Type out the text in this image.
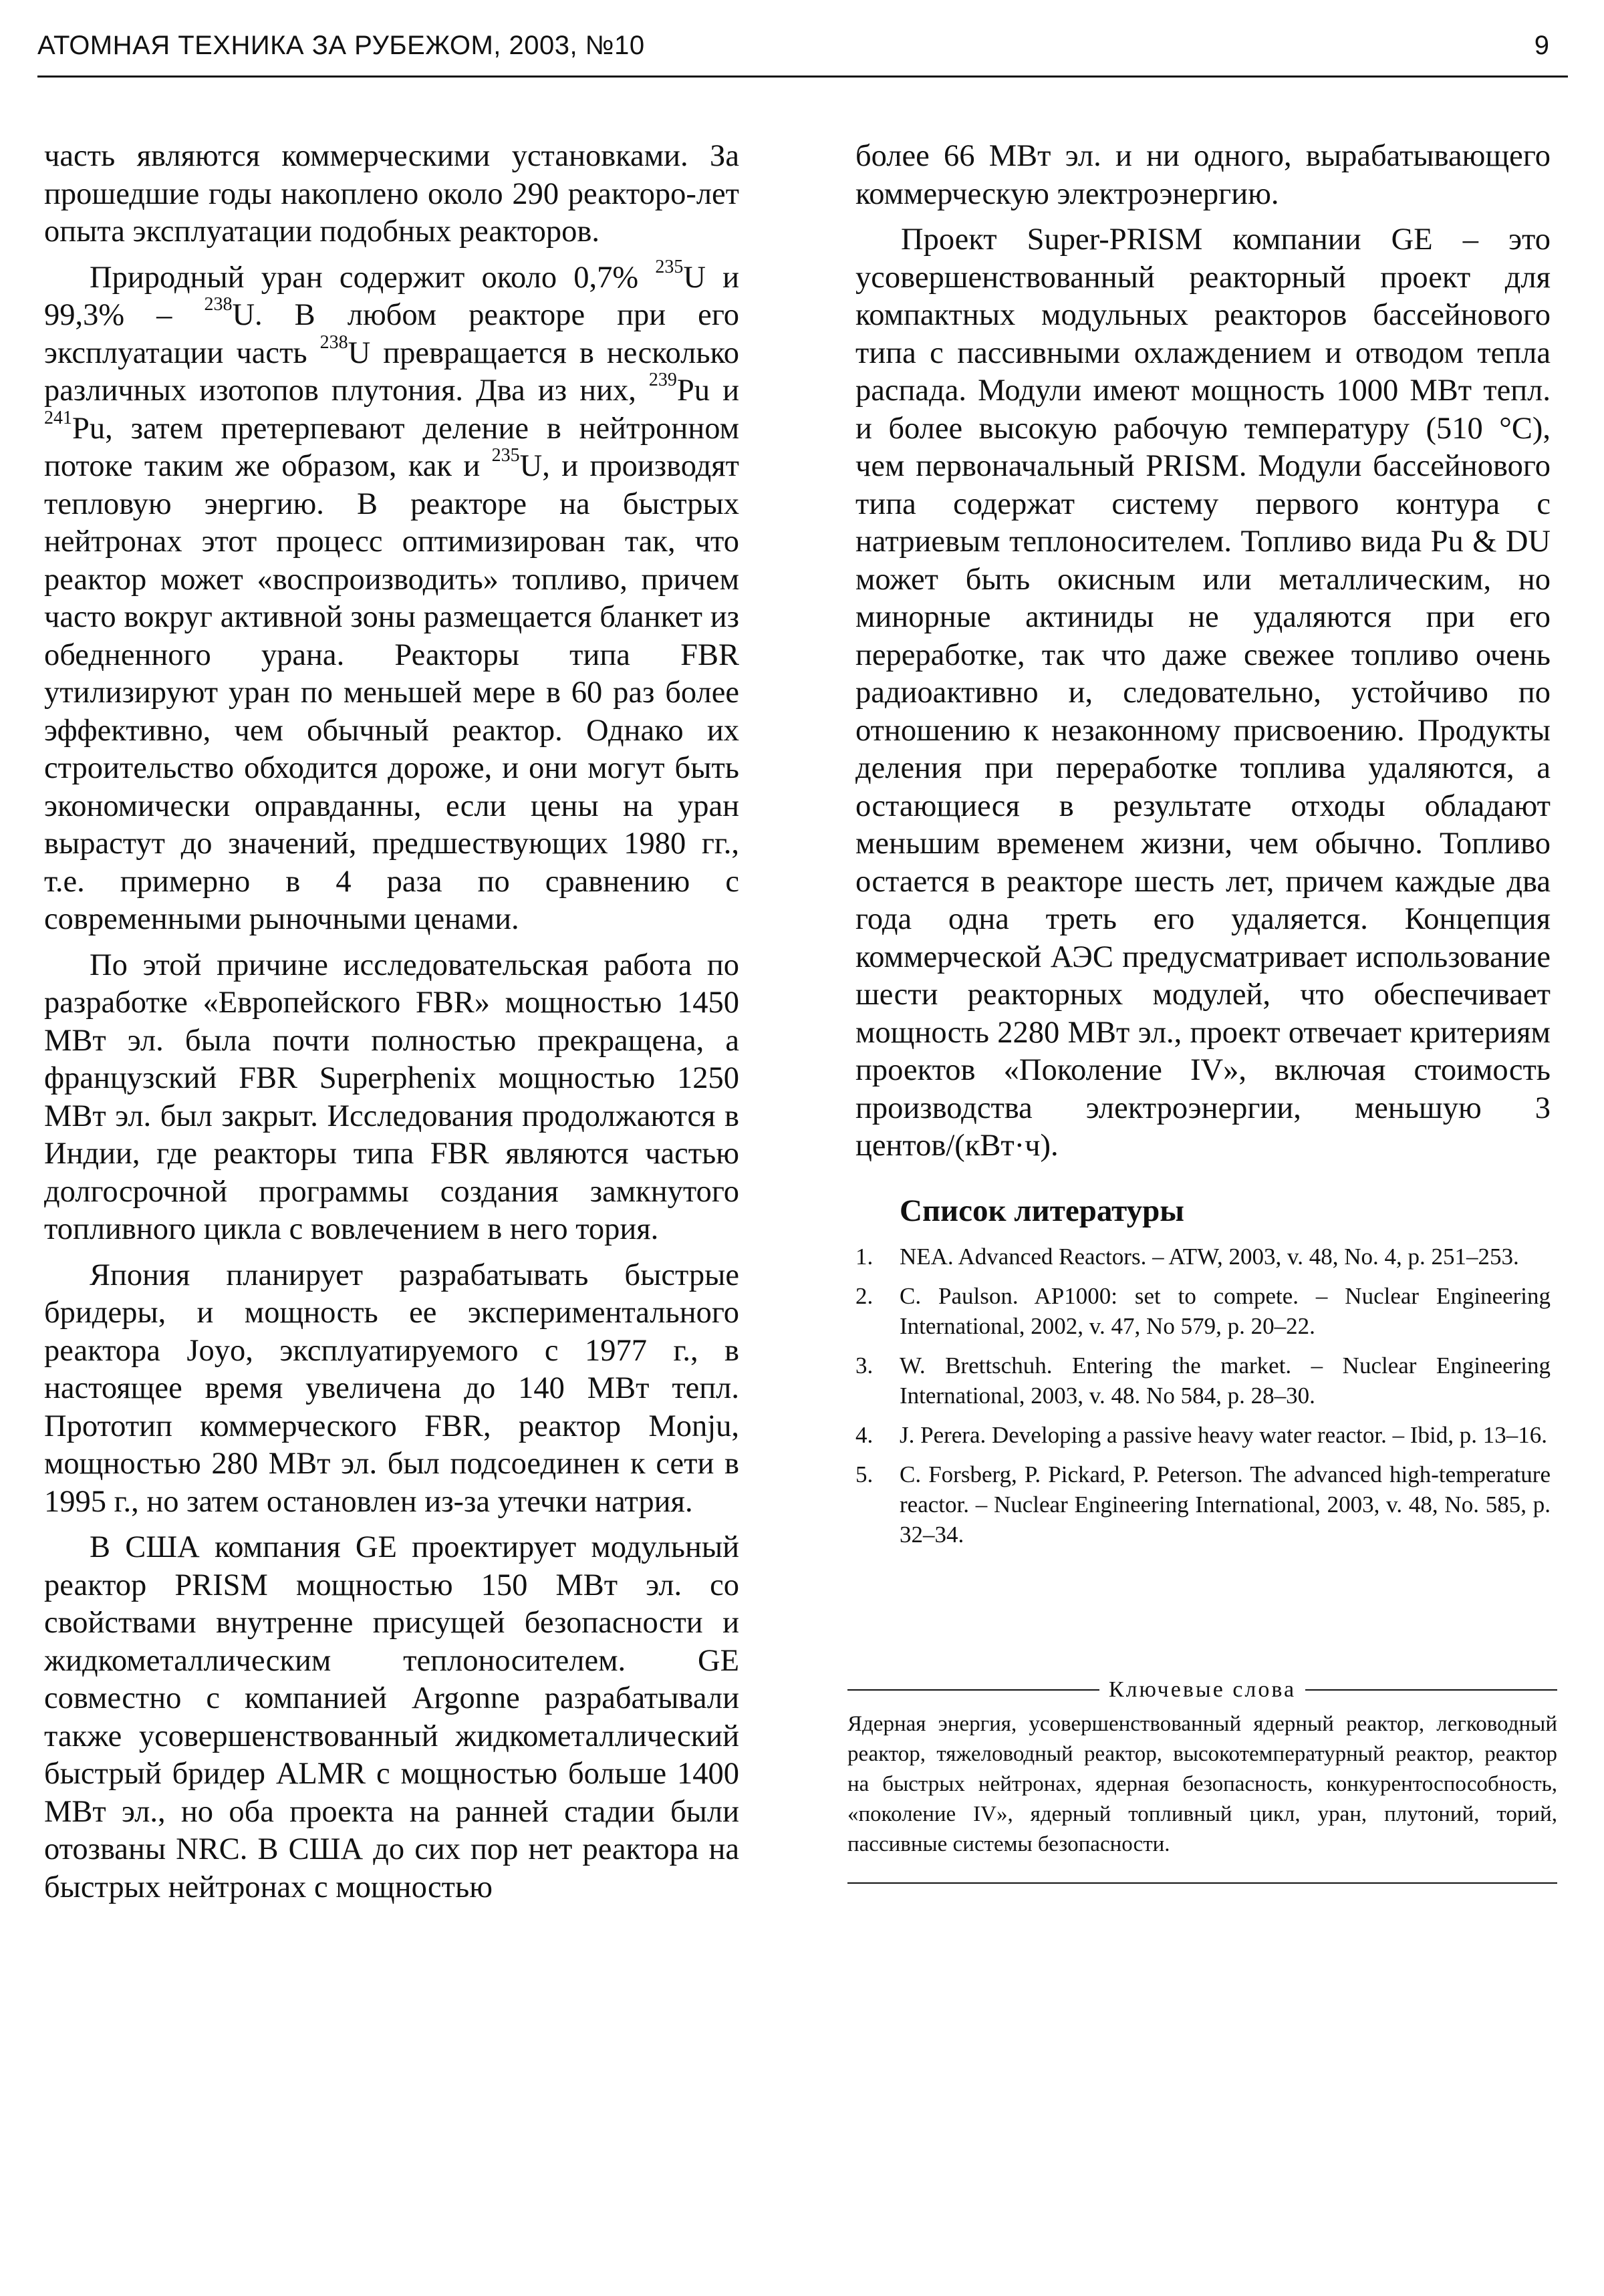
АТОМНАЯ ТЕХНИКА ЗА РУБЕЖОМ, 2003, №10	9

часть являются коммерческими установками. За прошедшие годы накоплено около 290 реакторо-лет опыта эксплуатации подобных реакторов.

Природный уран содержит около 0,7% $^{235}$U и 99,3% – $^{238}$U. В любом реакторе при его эксплуатации часть $^{238}$U превращается в несколько различных изотопов плутония. Два из них, $^{239}$Pu и $^{241}$Pu, затем претерпевают деление в нейтронном потоке таким же образом, как и $^{235}$U, и производят тепловую энергию. В реакторе на быстрых нейтронах этот процесс оптимизирован так, что реактор может «воспроизводить» топливо, причем часто вокруг активной зоны размещается бланкет из обедненного урана. Реакторы типа FBR утилизируют уран по меньшей мере в 60 раз более эффективно, чем обычный реактор. Однако их строительство обходится дороже, и они могут быть экономически оправданны, если цены на уран вырастут до значений, предшествующих 1980 гг., т.е. примерно в 4 раза по сравнению с современными рыночными ценами.

По этой причине исследовательская работа по разработке «Европейского FBR» мощностью 1450 МВт эл. была почти полностью прекращена, а французский FBR Superphenix мощностью 1250 МВт эл. был закрыт. Исследования продолжаются в Индии, где реакторы типа FBR являются частью долгосрочной программы создания замкнутого топливного цикла с вовлечением в него тория.

Япония планирует разрабатывать быстрые бридеры, и мощность ее экспериментального реактора Joyo, эксплуатируемого с 1977 г., в настоящее время увеличена до 140 МВт тепл. Прототип коммерческого FBR, реактор Monju, мощностью 280 МВт эл. был подсоединен к сети в 1995 г., но затем остановлен из-за утечки натрия.

В США компания GE проектирует модульный реактор PRISM мощностью 150 МВт эл. со свойствами внутренне присущей безопасности и жидкометаллическим теплоносителем. GE совместно с компанией Argonne разрабатывали также усовершенствованный жидкометаллический быстрый бридер ALMR с мощностью больше 1400 МВт эл., но оба проекта на ранней стадии были отозваны NRC. В США до сих пор нет реактора на быстрых нейтронах с мощностью

более 66 МВт эл. и ни одного, вырабатывающего коммерческую электроэнергию.

Проект Super-PRISM компании GE – это усовершенствованный реакторный проект для компактных модульных реакторов бассейнового типа с пассивными охлаждением и отводом тепла распада. Модули имеют мощность 1000 МВт тепл. и более высокую рабочую температуру (510 °С), чем первоначальный PRISM. Модули бассейнового типа содержат систему первого контура с натриевым теплоносителем. Топливо вида Pu & DU может быть окисным или металлическим, но минорные актиниды не удаляются при его переработке, так что даже свежее топливо очень радиоактивно и, следовательно, устойчиво по отношению к незаконному присвоению. Продукты деления при переработке топлива удаляются, а остающиеся в результате отходы обладают меньшим временем жизни, чем обычно. Топливо остается в реакторе шесть лет, причем каждые два года одна треть его удаляется. Концепция коммерческой АЭС предусматривает использование шести реакторных модулей, что обеспечивает мощность 2280 МВт эл., проект отвечает критериям проектов «Поколение IV», включая стоимость производства электроэнергии, меньшую 3 центов/(кВт·ч).

Список литературы
1.	NEA. Advanced Reactors. – ATW, 2003, v. 48, No. 4, p. 251–253.
2.	C. Paulson. AP1000: set to compete. – Nuclear Engineering International, 2002, v. 47, No 579, p. 20–22.
3.	W. Brettschuh. Entering the market. – Nuclear Engineering International, 2003, v. 48. No 584, p. 28–30.
4.	J. Perera. Developing a passive heavy water reactor. – Ibid, p. 13–16.
5.	C. Forsberg, P. Pickard, P. Peterson. The advanced high-temperature reactor. – Nuclear Engineering International, 2003, v. 48, No. 585, p. 32–34.
Ключевые слова
Ядерная энергия, усовершенствованный ядерный реактор, легководный реактор, тяжеловодный реактор, высокотемпературный реактор, реактор на быстрых нейтронах, ядерная безопасность, конкурентоспособность, «поколение IV», ядерный топливный цикл, уран, плутоний, торий, пассивные системы безопасности.
